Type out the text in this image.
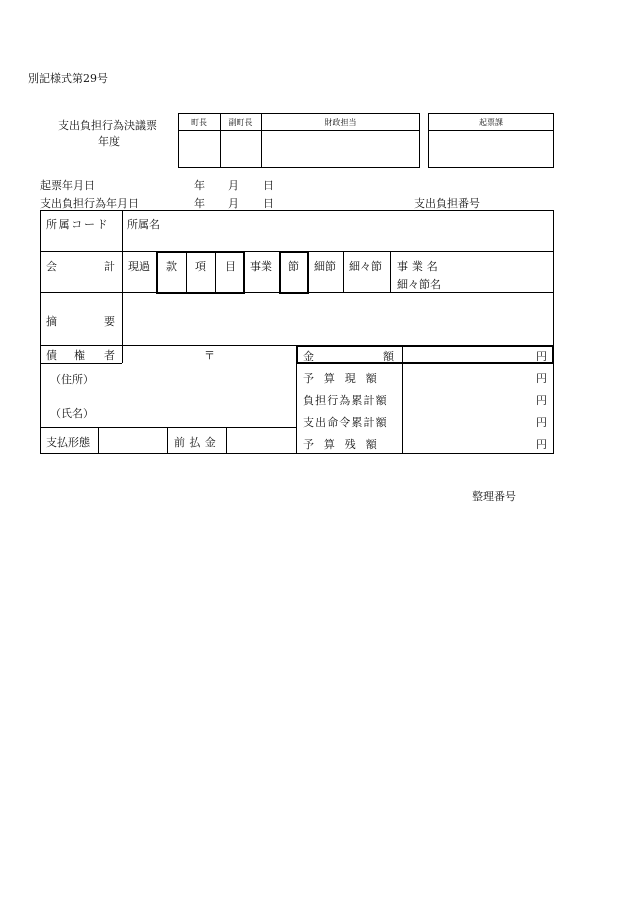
別記様式第29号
支出負担行為決議票
年度
町長	副町長	財政担当	起票課
起票年月日	年 月 日
支出負担行為年月日	年 月 日	支出負担番号
所属コード 所属名
会	計 現過 款 項 目 事業 節 細節 細々節 事業名
細々節名
摘	要
債 権 者	〒
（住所）
（氏名）
金	額	円
予算現額	円
負担行為累計額	円
支出命令累計額	円
予算残額	円
支払形態	前払金
整理番号
